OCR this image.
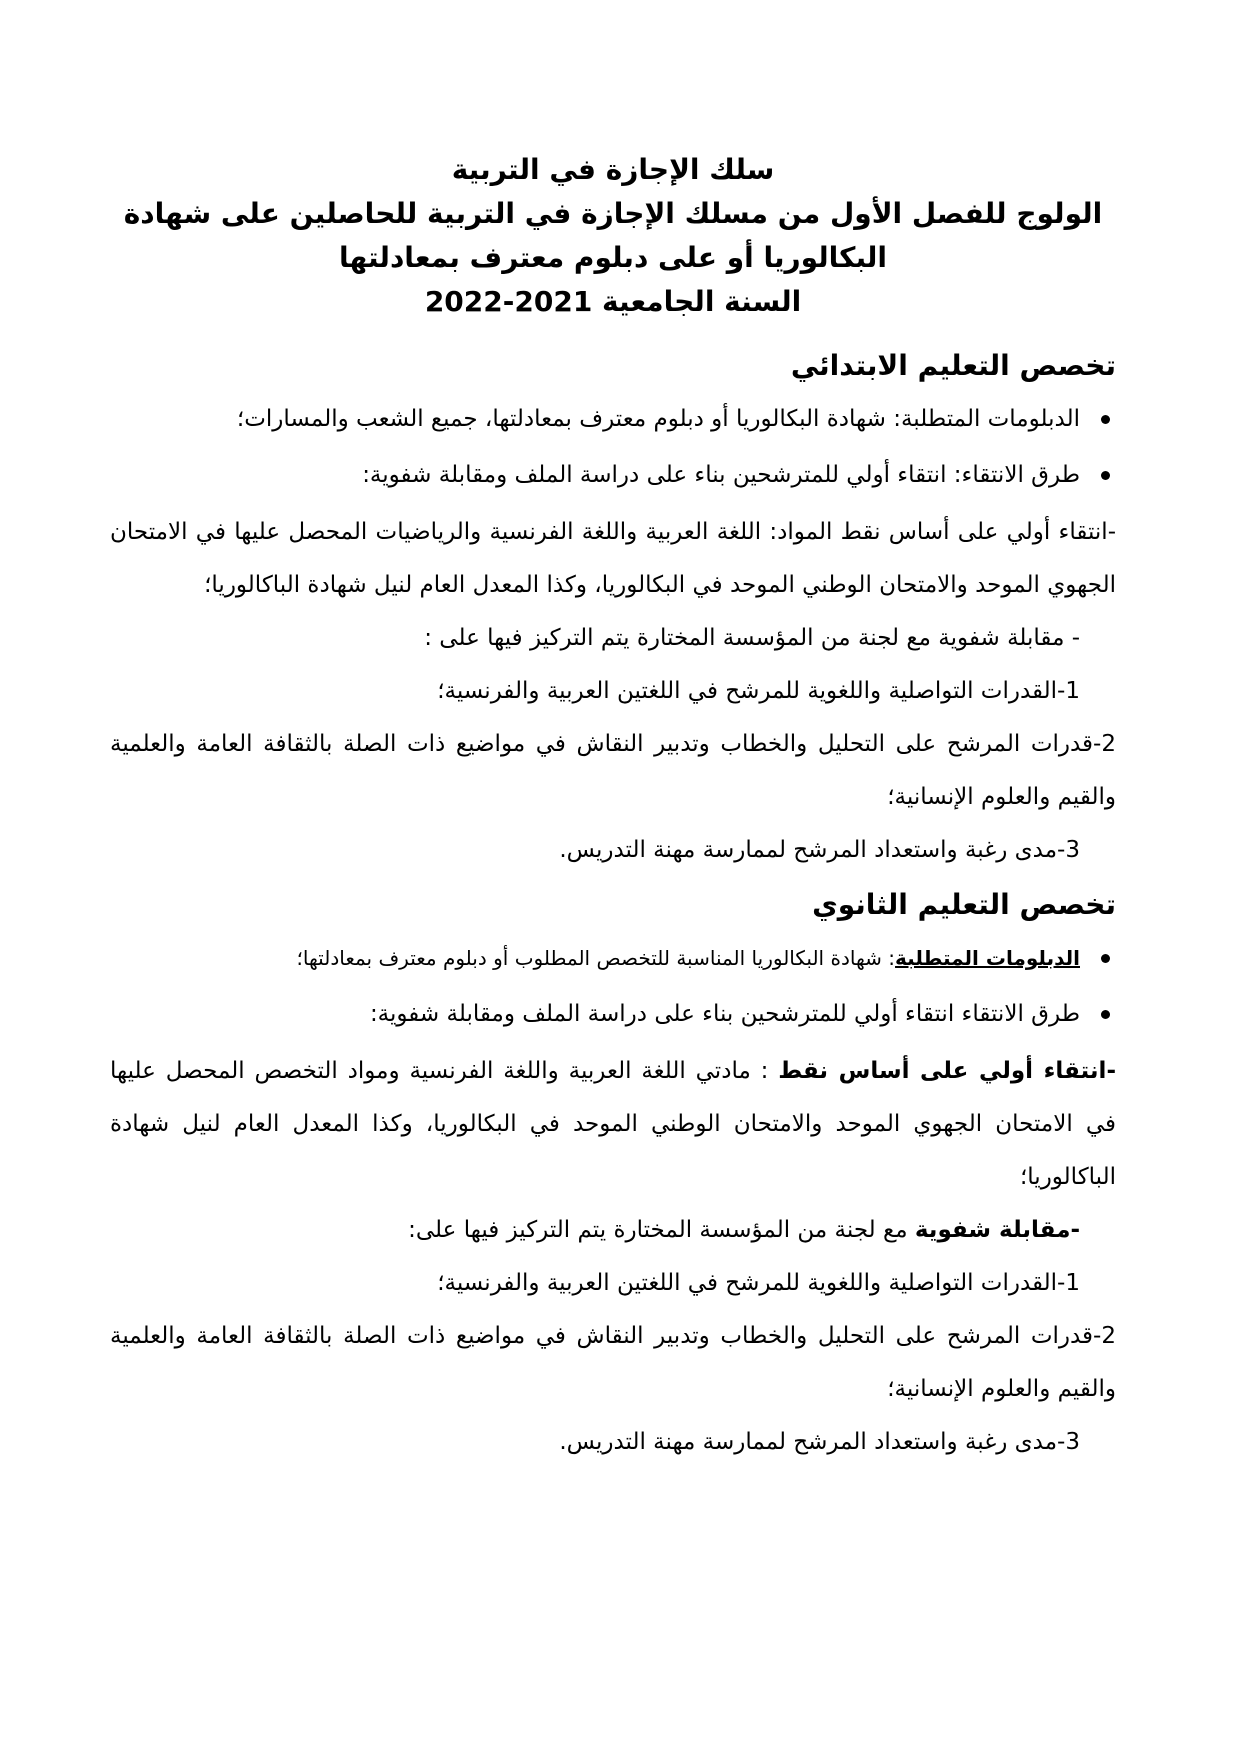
سلك الإجازة في التربية
الولوج للفصل الأول من مسلك الإجازة في التربية للحاصلين على شهادة
البكالوريا أو على دبلوم معترف بمعادلتها
السنة الجامعية 2021-2022
تخصص التعليم الابتدائي
الدبلومات المتطلبة: شهادة البكالوريا أو دبلوم معترف بمعادلتها، جميع الشعب والمسارات؛
طرق الانتقاء: انتقاء أولي للمترشحين بناء على دراسة الملف ومقابلة شفوية:
-انتقاء أولي على أساس نقط المواد: اللغة العربية واللغة الفرنسية والرياضيات المحصل عليها في الامتحان الجهوي الموحد والامتحان الوطني الموحد في البكالوريا، وكذا المعدل العام لنيل شهادة الباكالوريا؛
- مقابلة شفوية مع لجنة من المؤسسة المختارة يتم التركيز فيها على :
1-القدرات التواصلية واللغوية للمرشح في اللغتين العربية والفرنسية؛
2-قدرات المرشح على التحليل والخطاب وتدبير النقاش في مواضيع ذات الصلة بالثقافة العامة والعلمية والقيم والعلوم الإنسانية؛
3-مدى رغبة واستعداد المرشح لممارسة مهنة التدريس.
تخصص التعليم الثانوي
الدبلومات المتطلبة: شهادة البكالوريا المناسبة للتخصص المطلوب أو دبلوم معترف بمعادلتها؛
طرق الانتقاء انتقاء أولي للمترشحين بناء على دراسة الملف ومقابلة شفوية:
-انتقاء أولي على أساس نقط : مادتي اللغة العربية واللغة الفرنسية ومواد التخصص المحصل عليها في الامتحان الجهوي الموحد والامتحان الوطني الموحد في البكالوريا، وكذا المعدل العام لنيل شهادة الباكالوريا؛
-مقابلة شفوية مع لجنة من المؤسسة المختارة يتم التركيز فيها على:
1-القدرات التواصلية واللغوية للمرشح في اللغتين العربية والفرنسية؛
2-قدرات المرشح على التحليل والخطاب وتدبير النقاش في مواضيع ذات الصلة بالثقافة العامة والعلمية والقيم والعلوم الإنسانية؛
3-مدى رغبة واستعداد المرشح لممارسة مهنة التدريس.
